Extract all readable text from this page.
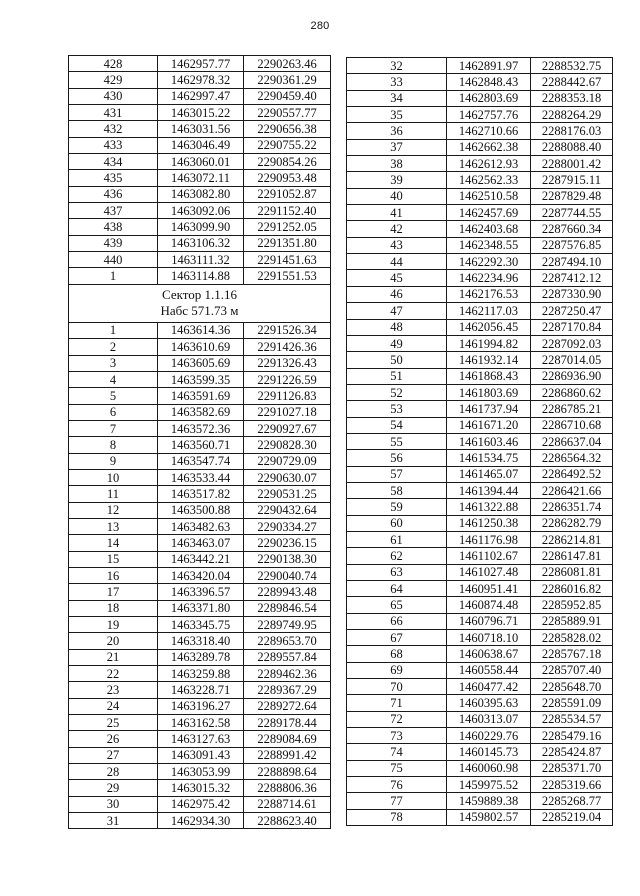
280
428	1462957.77	2290263.46
429	1462978.32	2290361.29
430	1462997.47	2290459.40
431	1463015.22	2290557.77
432	1463031.56	2290656.38
433	1463046.49	2290755.22
434	1463060.01	2290854.26
435	1463072.11	2290953.48
436	1463082.80	2291052.87
437	1463092.06	2291152.40
438	1463099.90	2291252.05
439	1463106.32	2291351.80
440	1463111.32	2291451.63
1	1463114.88	2291551.53

Сектор 1.1.16
Набс 571.73 м		

1	1463614.36	2291526.34
2	1463610.69	2291426.36
3	1463605.69	2291326.43
4	1463599.35	2291226.59
5	1463591.69	2291126.83
6	1463582.69	2291027.18
7	1463572.36	2290927.67
8	1463560.71	2290828.30
9	1463547.74	2290729.09
10	1463533.44	2290630.07
11	1463517.82	2290531.25
12	1463500.88	2290432.64
13	1463482.63	2290334.27
14	1463463.07	2290236.15
15	1463442.21	2290138.30
16	1463420.04	2290040.74
17	1463396.57	2289943.48
18	1463371.80	2289846.54
19	1463345.75	2289749.95
20	1463318.40	2289653.70
21	1463289.78	2289557.84
22	1463259.88	2289462.36
23	1463228.71	2289367.29
24	1463196.27	2289272.64
25	1463162.58	2289178.44
26	1463127.63	2289084.69
27	1463091.43	2288991.42
28	1463053.99	2288898.64
29	1463015.32	2288806.36
30	1462975.42	2288714.61
31	1462934.30	2288623.40
32	1462891.97	2288532.75
33	1462848.43	2288442.67
34	1462803.69	2288353.18
35	1462757.76	2288264.29
36	1462710.66	2288176.03
37	1462662.38	2288088.40
38	1462612.93	2288001.42
39	1462562.33	2287915.11
40	1462510.58	2287829.48
41	1462457.69	2287744.55
42	1462403.68	2287660.34
43	1462348.55	2287576.85
44	1462292.30	2287494.10
45	1462234.96	2287412.12
46	1462176.53	2287330.90
47	1462117.03	2287250.47
48	1462056.45	2287170.84
49	1461994.82	2287092.03
50	1461932.14	2287014.05
51	1461868.43	2286936.90
52	1461803.69	2286860.62
53	1461737.94	2286785.21
54	1461671.20	2286710.68
55	1461603.46	2286637.04
56	1461534.75	2286564.32
57	1461465.07	2286492.52
58	1461394.44	2286421.66
59	1461322.88	2286351.74
60	1461250.38	2286282.79
61	1461176.98	2286214.81
62	1461102.67	2286147.81
63	1461027.48	2286081.81
64	1460951.41	2286016.82
65	1460874.48	2285952.85
66	1460796.71	2285889.91
67	1460718.10	2285828.02
68	1460638.67	2285767.18
69	1460558.44	2285707.40
70	1460477.42	2285648.70
71	1460395.63	2285591.09
72	1460313.07	2285534.57
73	1460229.76	2285479.16
74	1460145.73	2285424.87
75	1460060.98	2285371.70
76	1459975.52	2285319.66
77	1459889.38	2285268.77
78	1459802.57	2285219.04
